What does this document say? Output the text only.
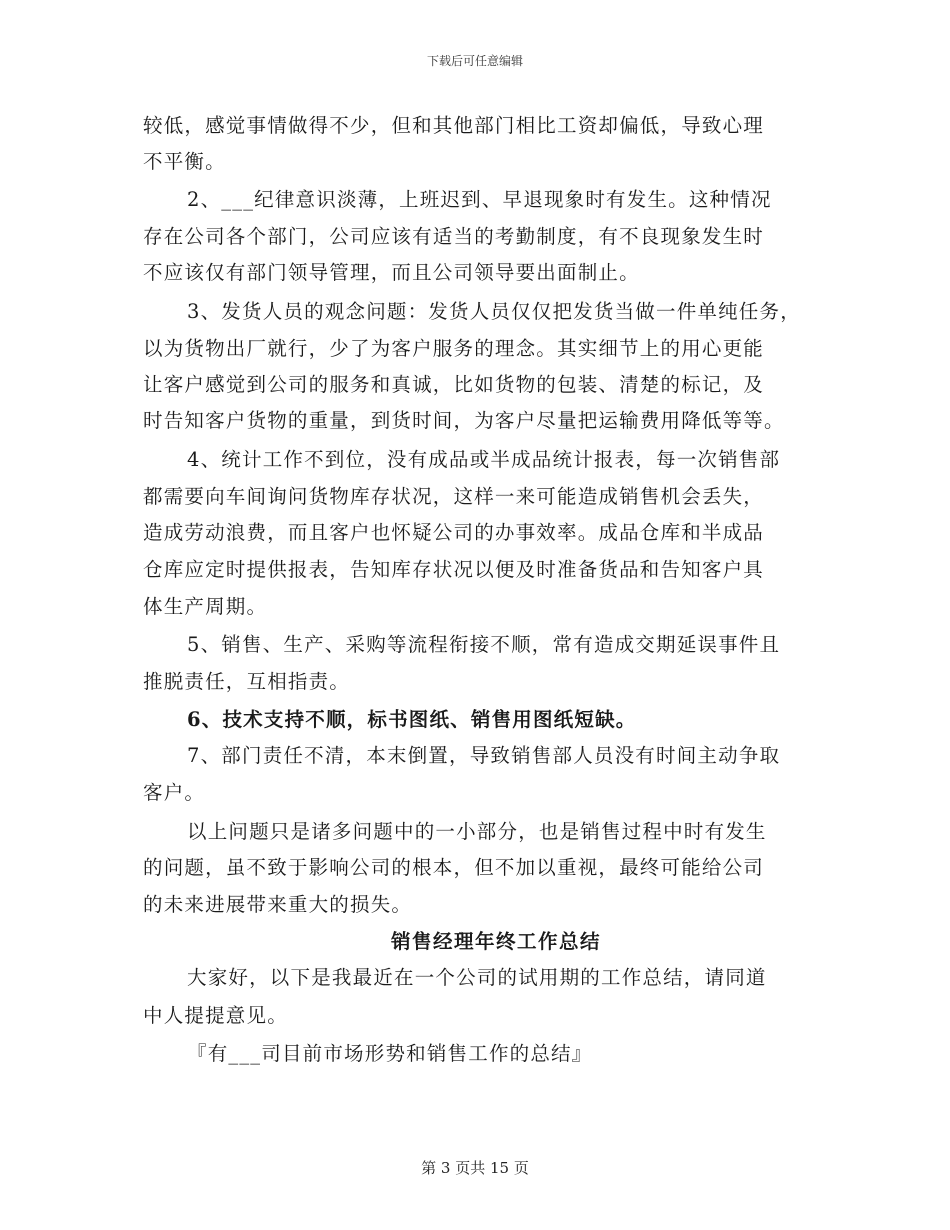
下载后可任意编辑
较低，感觉事情做得不少，但和其他部门相比工资却偏低，导致心理
不平衡。
2、___纪律意识淡薄，上班迟到、早退现象时有发生。这种情况
存在公司各个部门，公司应该有适当的考勤制度，有不良现象发生时
不应该仅有部门领导管理，而且公司领导要出面制止。
3、发货人员的观念问题：发货人员仅仅把发货当做一件单纯任务，
以为货物出厂就行，少了为客户服务的理念。其实细节上的用心更能
让客户感觉到公司的服务和真诚，比如货物的包装、清楚的标记，及
时告知客户货物的重量，到货时间，为客户尽量把运输费用降低等等。
4、统计工作不到位，没有成品或半成品统计报表，每一次销售部
都需要向车间询问货物库存状况，这样一来可能造成销售机会丢失，
造成劳动浪费，而且客户也怀疑公司的办事效率。成品仓库和半成品
仓库应定时提供报表，告知库存状况以便及时准备货品和告知客户具
体生产周期。
5、销售、生产、采购等流程衔接不顺，常有造成交期延误事件且
推脱责任，互相指责。
6、技术支持不顺，标书图纸、销售用图纸短缺。
7、部门责任不清，本末倒置，导致销售部人员没有时间主动争取
客户。
以上问题只是诸多问题中的一小部分，也是销售过程中时有发生
的问题，虽不致于影响公司的根本，但不加以重视，最终可能给公司
的未来进展带来重大的损失。
销售经理年终工作总结
大家好，以下是我最近在一个公司的试用期的工作总结，请同道
中人提提意见。
『有___司目前市场形势和销售工作的总结』
第 3 页共 15 页
